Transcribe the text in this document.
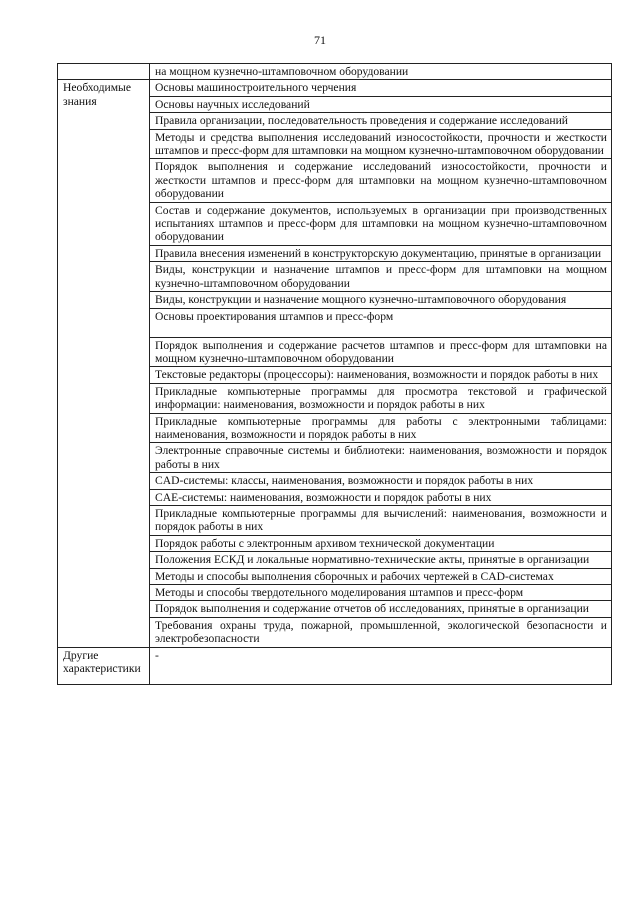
71
	на мощном кузнечно-штамповочном оборудовании
Необходимые знания	Основы машиностроительного черчения
	Основы научных исследований
	Правила организации, последовательность проведения и содержание исследований
	Методы и средства выполнения исследований износостойкости, прочности и жесткости штампов и пресс-форм для штамповки на мощном кузнечно-штамповочном оборудовании
	Порядок выполнения и содержание исследований износостойкости, прочности и жесткости штампов и пресс-форм для штамповки на мощном кузнечно-штамповочном оборудовании
	Состав и содержание документов, используемых в организации при производственных испытаниях штампов и пресс-форм для штамповки на мощном кузнечно-штамповочном оборудовании
	Правила внесения изменений в конструкторскую документацию, принятые в организации
	Виды, конструкции и назначение штампов и пресс-форм для штамповки на мощном кузнечно-штамповочном оборудовании
	Виды, конструкции и назначение мощного кузнечно-штамповочного оборудования
	Основы проектирования штампов и пресс-форм
	Порядок выполнения и содержание расчетов штампов и пресс-форм для штамповки на мощном кузнечно-штамповочном оборудовании
	Текстовые редакторы (процессоры): наименования, возможности и порядок работы в них
	Прикладные компьютерные программы для просмотра текстовой и графической информации: наименования, возможности и порядок работы в них
	Прикладные компьютерные программы для работы с электронными таблицами: наименования, возможности и порядок работы в них
	Электронные справочные системы и библиотеки: наименования, возможности и порядок работы в них
	CAD-системы: классы, наименования, возможности и порядок работы в них
	CAE-системы: наименования, возможности и порядок работы в них
	Прикладные компьютерные программы для вычислений: наименования, возможности и порядок работы в них
	Порядок работы с электронным архивом технической документации
	Положения ЕСКД и локальные нормативно-технические акты, принятые в организации
	Методы и способы выполнения сборочных и рабочих чертежей в CAD-системах
	Методы и способы твердотельного моделирования штампов и пресс-форм
	Порядок выполнения и содержание отчетов об исследованиях, принятые в организации
	Требования охраны труда, пожарной, промышленной, экологической безопасности и электробезопасности
Другие характеристики	-
